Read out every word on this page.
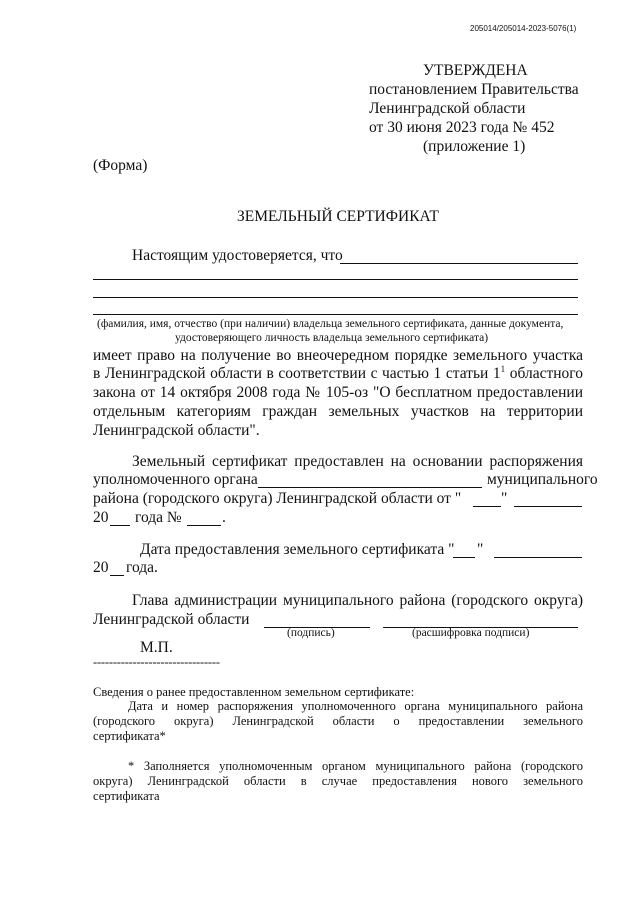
205014/205014-2023-5076(1)
УТВЕРЖДЕНА
постановлением Правительства
Ленинградской области
от 30 июня 2023 года № 452
(приложение 1)
(Форма)
ЗЕМЕЛЬНЫЙ СЕРТИФИКАТ
Настоящим удостоверяется, что
(фамилия, имя, отчество (при наличии) владельца земельного сертификата, данные документа,
удостоверяющего личность владельца земельного сертификата)
имеет право на получение во внеочередном порядке земельного участка
в Ленинградской области в соответствии с частью 1 статьи $1^1$ областного
закона от 14 октября 2008 года № 105-оз "О бесплатном предоставлении
отдельным категориям граждан земельных участков на территории
Ленинградской области".
Земельный сертификат предоставлен на основании распоряжения
уполномоченного органа	муниципального
района (городского округа) Ленинградской области от "	"
20 года №	.
Дата предоставления земельного сертификата " "
20 года.
Глава администрации муниципального района (городского округа)
Ленинградской области
(подпись)	(расшифровка подписи)
М.П.
--------------------------------
Сведения о ранее предоставленном земельном сертификате:
Дата и номер распоряжения уполномоченного органа муниципального района
(городского округа) Ленинградской области о предоставлении земельного
сертификата*
* Заполняется уполномоченным органом муниципального района (городского
округа) Ленинградской области в случае предоставления нового земельного
сертификата
